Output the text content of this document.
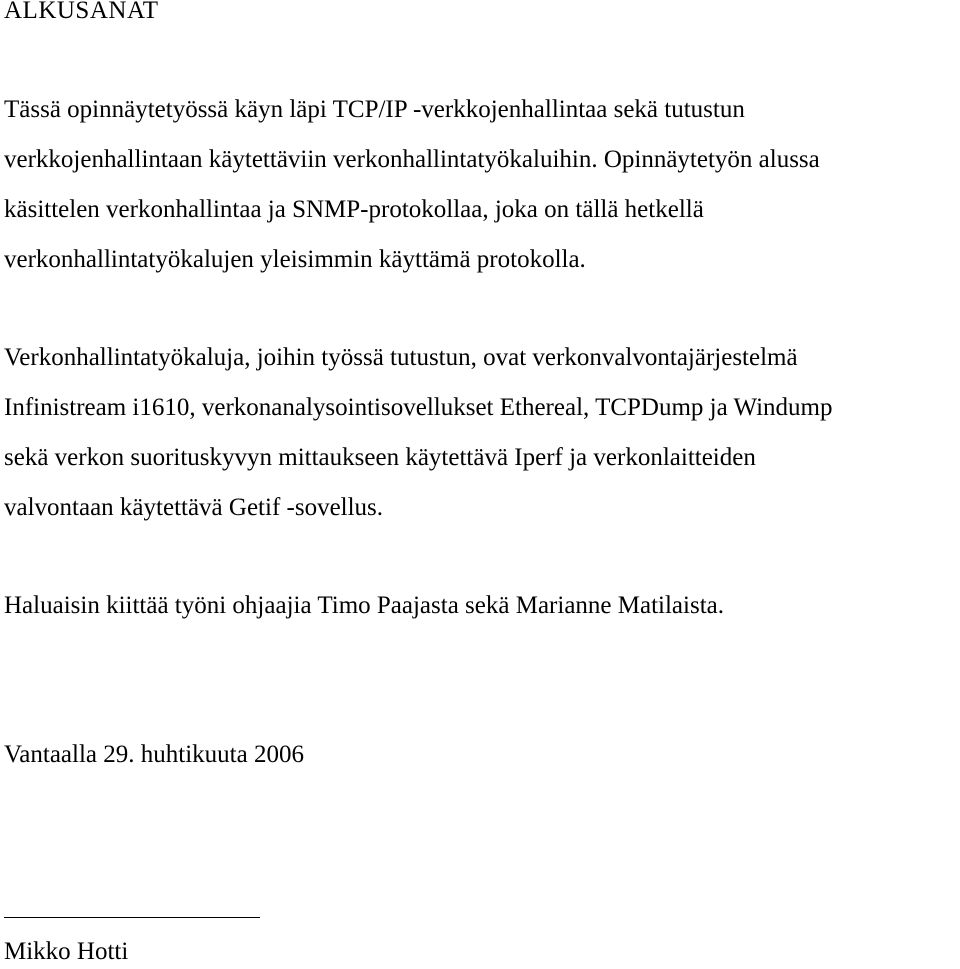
ALKUSANAT
Tässä opinnäytetyössä käyn läpi TCP/IP -verkkojenhallintaa sekä tutustun
verkkojenhallintaan käytettäviin verkonhallintatyökaluihin. Opinnäytetyön alussa
käsittelen verkonhallintaa ja SNMP-protokollaa, joka on tällä hetkellä
verkonhallintatyökalujen yleisimmin käyttämä protokolla.
Verkonhallintatyökaluja, joihin työssä tutustun, ovat verkonvalvontajärjestelmä
Infinistream i1610, verkonanalysointisovellukset Ethereal, TCPDump ja Windump
sekä verkon suorituskyvyn mittaukseen käytettävä Iperf ja verkonlaitteiden
valvontaan käytettävä Getif -sovellus.
Haluaisin kiittää työni ohjaajia Timo Paajasta sekä Marianne Matilaista.
Vantaalla 29. huhtikuuta 2006
Mikko Hotti
